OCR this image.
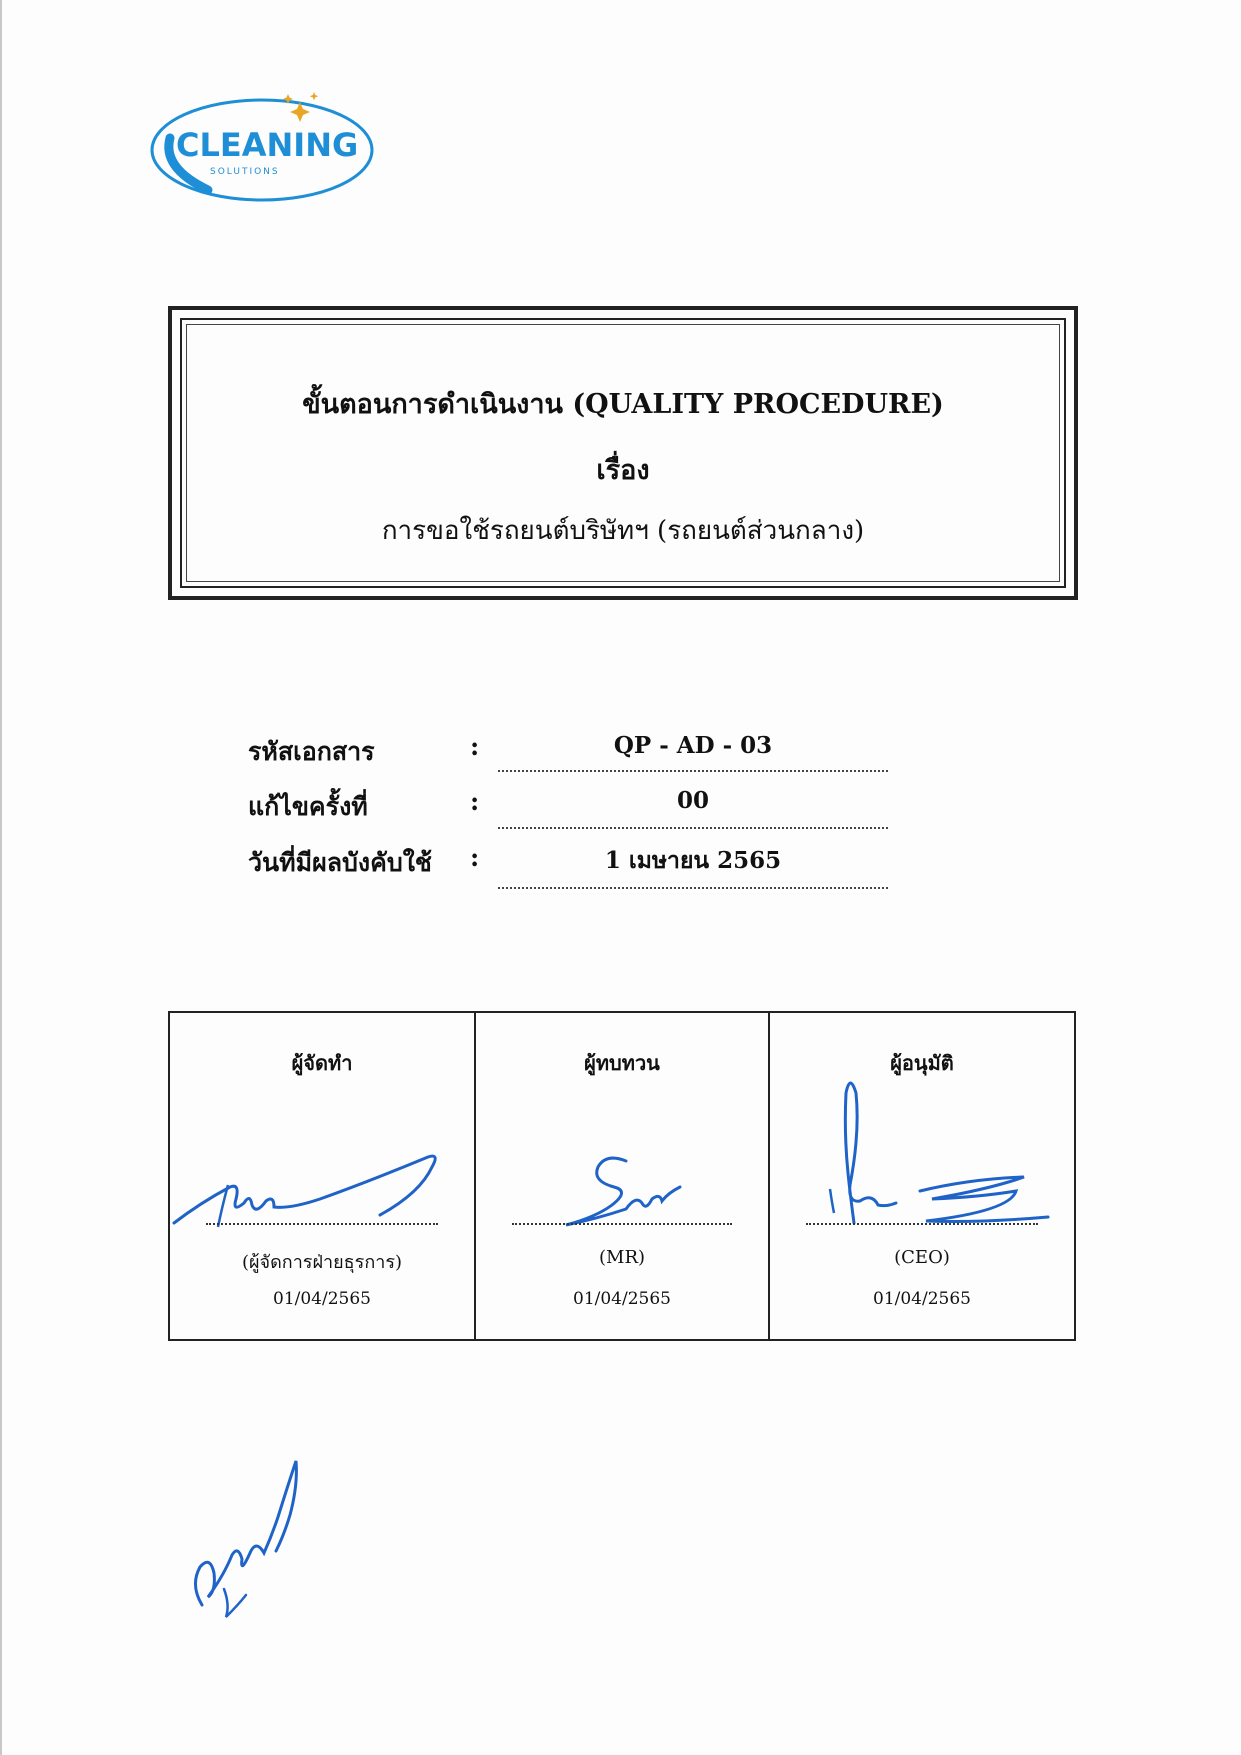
CLEANING
SOLUTIONS
ขั้นตอนการดำเนินงาน (QUALITY PROCEDURE)
เรื่อง
การขอใช้รถยนต์บริษัทฯ (รถยนต์ส่วนกลาง)
รหัสเอกสาร	:	QP - AD - 03
แก้ไขครั้งที่	:	00
วันที่มีผลบังคับใช้ :	1 เมษายน 2565
ผู้จัดทำ
(ผู้จัดการฝ่ายธุรการ)
01/04/2565
ผู้ทบทวน
(MR)
01/04/2565
ผู้อนุมัติ
(CEO)
01/04/2565
